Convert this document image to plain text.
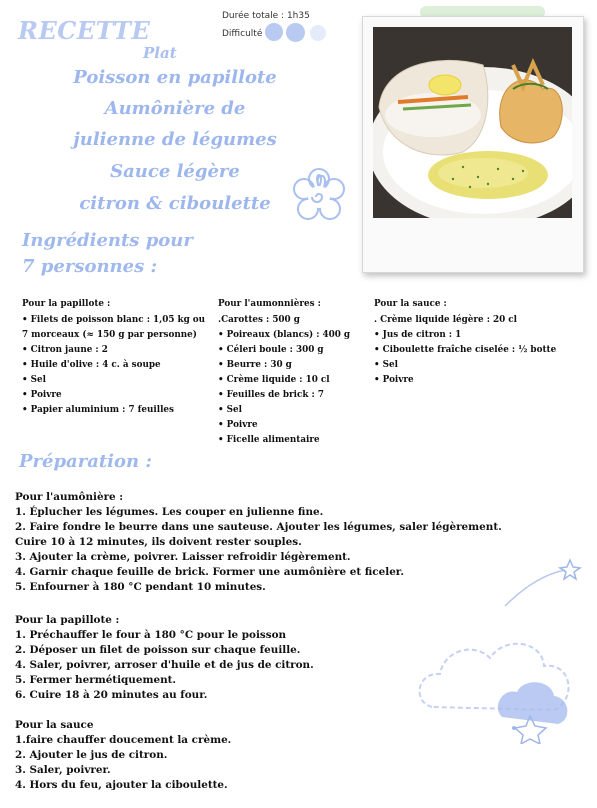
RECETTE	Durée totale : 1h35
Difficulté
Plat
Poisson en papillote
Aumônière de
julienne de légumes
Sauce légère
citron & ciboulette
Ingrédients pour
7 personnes :
Pour la papillote :
• Filets de poisson blanc : 1,05 kg ou
7 morceaux (≈ 150 g par personne)
• Citron jaune : 2
• Huile d'olive : 4 c. à soupe
• Sel
• Poivre
• Papier aluminium : 7 feuilles
Pour l'aumonnières :
.Carottes : 500 g
• Poireaux (blancs) : 400 g
• Céleri boule : 300 g
• Beurre : 30 g
• Crème liquide : 10 cl
• Feuilles de brick : 7
• Sel
• Poivre
• Ficelle alimentaire
Pour la sauce :
. Crème liquide légère : 20 cl
• Jus de citron : 1
• Ciboulette fraîche ciselée : ½ botte
• Sel
• Poivre
Préparation :
Pour l'aumônière :
1. Éplucher les légumes. Les couper en julienne fine.
2. Faire fondre le beurre dans une sauteuse. Ajouter les légumes, saler légèrement.
Cuire 10 à 12 minutes, ils doivent rester souples.
3. Ajouter la crème, poivrer. Laisser refroidir légèrement.
4. Garnir chaque feuille de brick. Former une aumônière et ficeler.
5. Enfourner à 180 °C pendant 10 minutes.
Pour la papillote :
1. Préchauffer le four à 180 °C pour le poisson
2. Déposer un filet de poisson sur chaque feuille.
4. Saler, poivrer, arroser d'huile et de jus de citron.
5. Fermer hermétiquement.
6. Cuire 18 à 20 minutes au four.
Pour la sauce
1.faire chauffer doucement la crème.
2. Ajouter le jus de citron.
3. Saler, poivrer.
4. Hors du feu, ajouter la ciboulette.
